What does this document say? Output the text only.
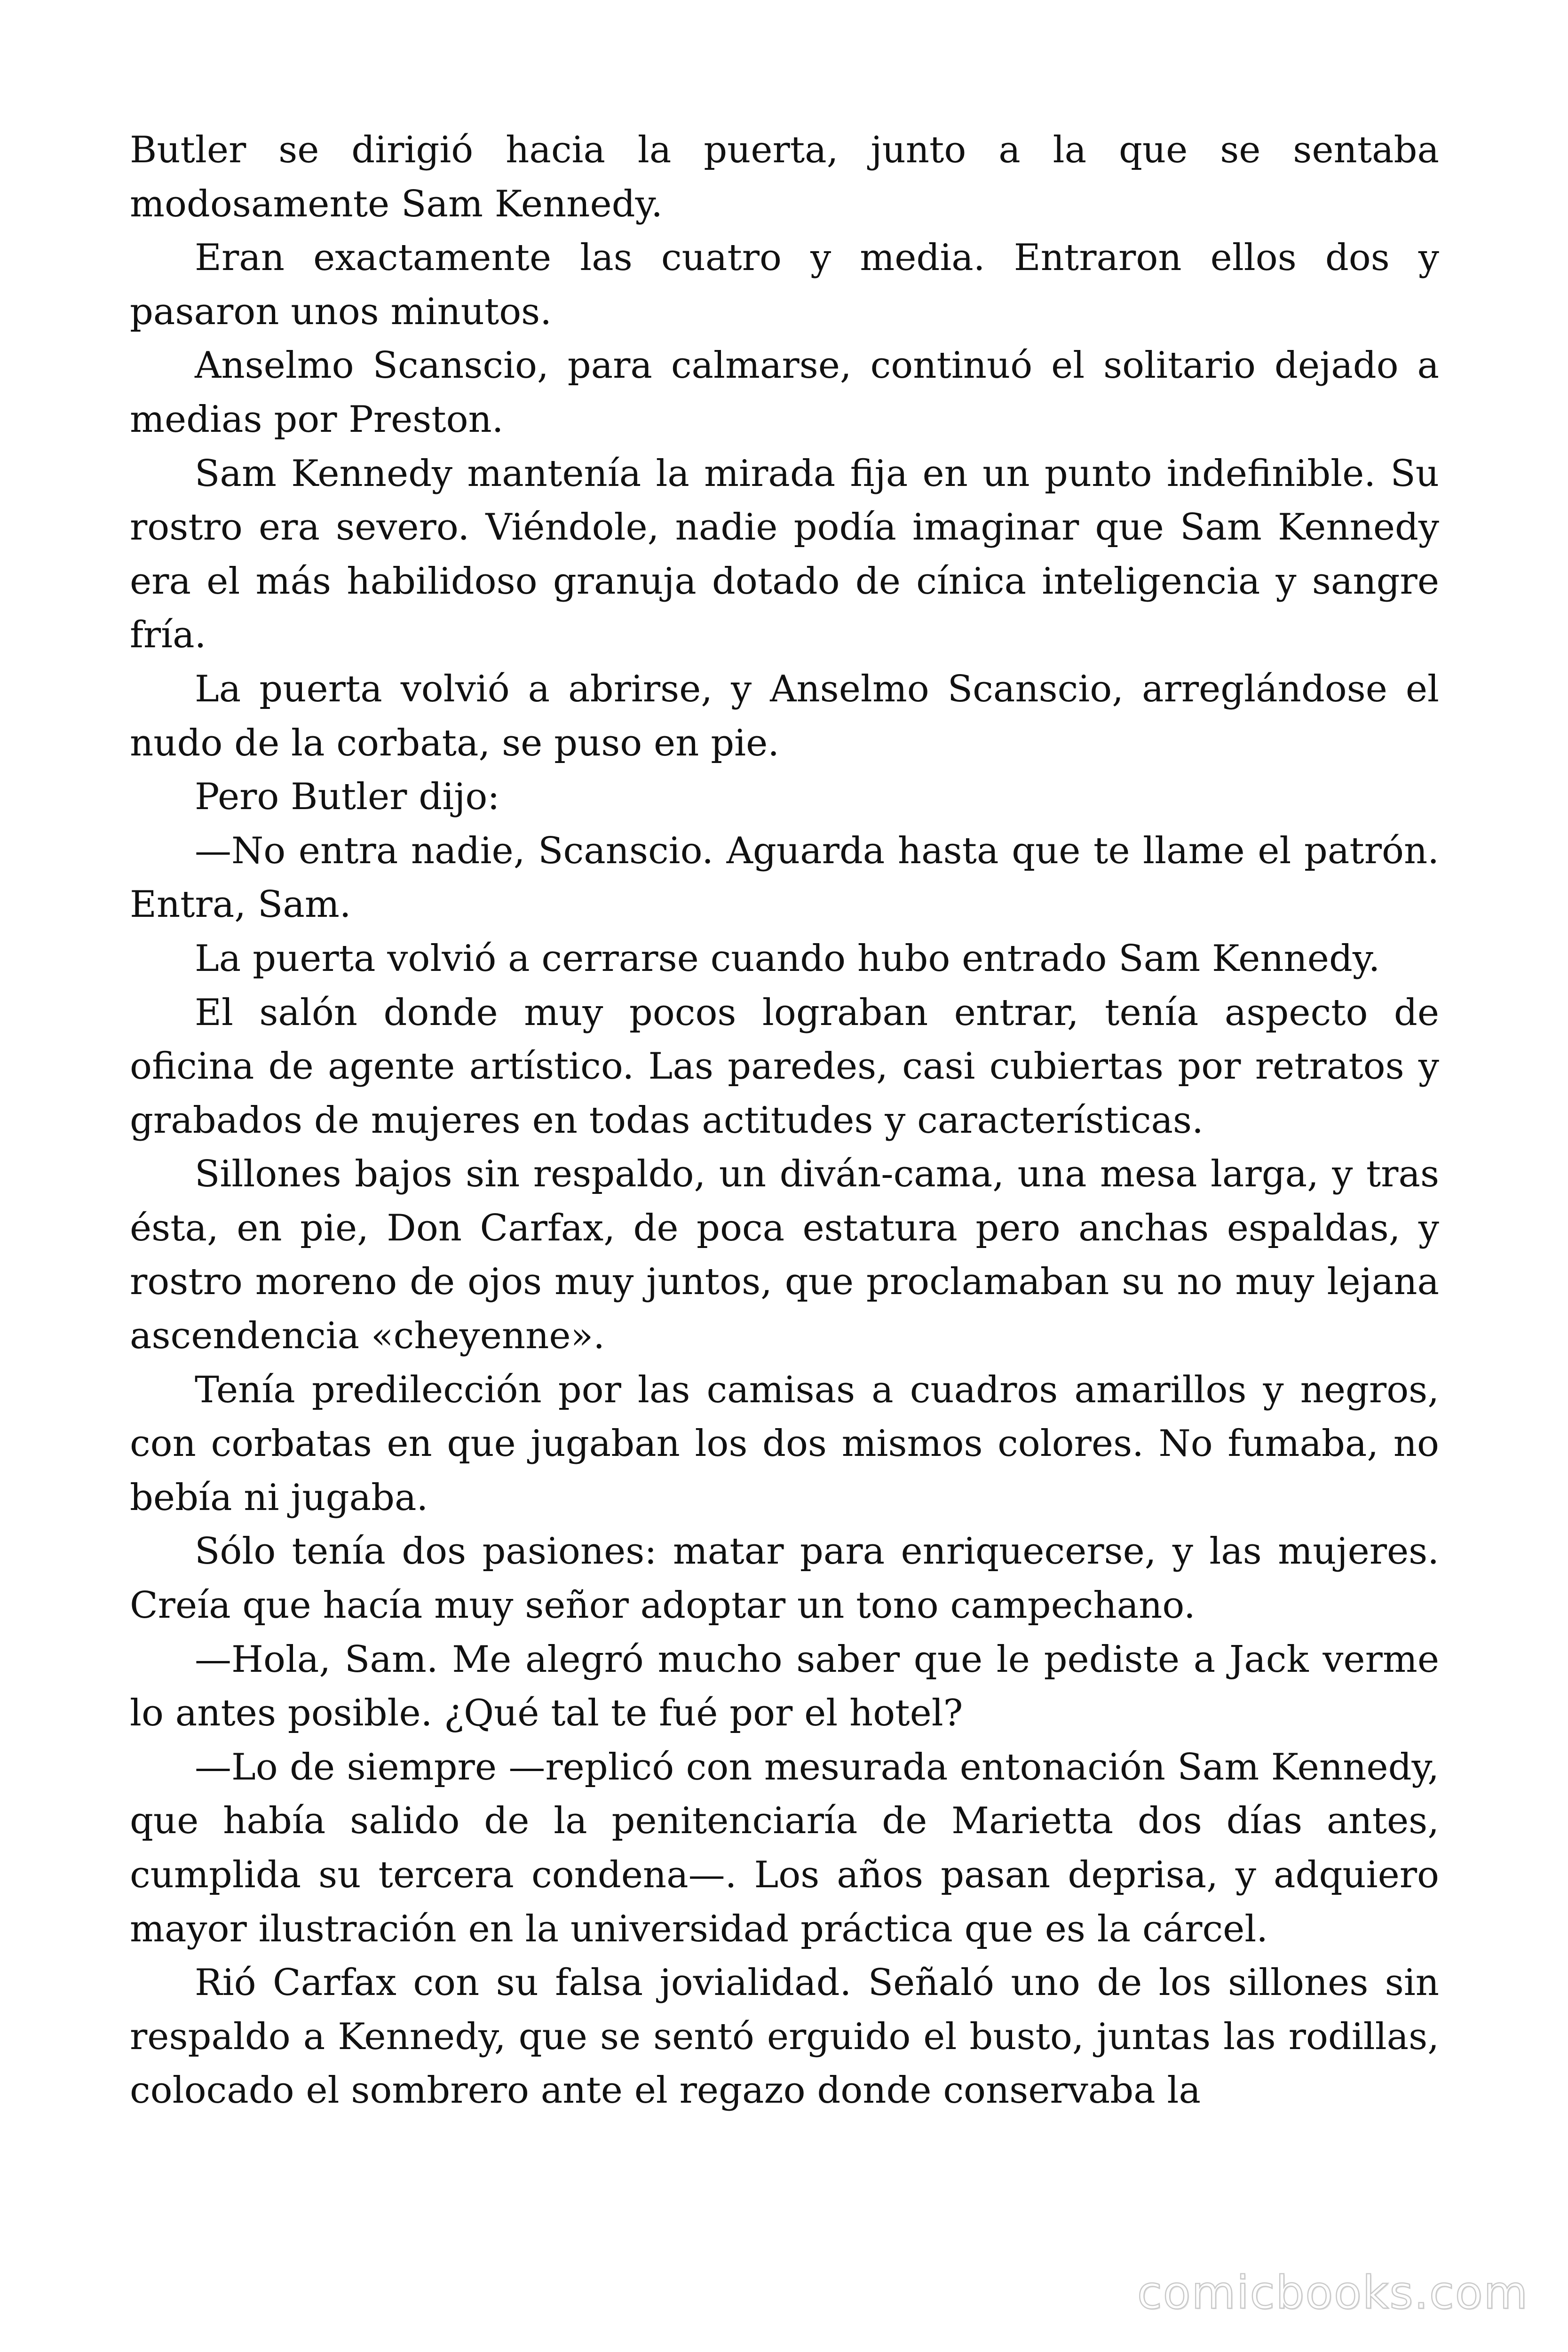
Butler se dirigió hacia la puerta, junto a la que se sentaba modosamente Sam Kennedy.

Eran exactamente las cuatro y media. Entraron ellos dos y pasaron unos minutos.

Anselmo Scanscio, para calmarse, continuó el solitario dejado a medias por Preston.

Sam Kennedy mantenía la mirada fija en un punto indefinible. Su rostro era severo. Viéndole, nadie podía imaginar que Sam Kennedy era el más habilidoso granuja dotado de cínica inteligencia y sangre fría.

La puerta volvió a abrirse, y Anselmo Scanscio, arreglándose el nudo de la corbata, se puso en pie.

Pero Butler dijo:

—No entra nadie, Scanscio. Aguarda hasta que te llame el patrón. Entra, Sam.

La puerta volvió a cerrarse cuando hubo entrado Sam Kennedy.

El salón donde muy pocos lograban entrar, tenía aspecto de oficina de agente artístico. Las paredes, casi cubiertas por retratos y grabados de mujeres en todas actitudes y características.

Sillones bajos sin respaldo, un diván-cama, una mesa larga, y tras ésta, en pie, Don Carfax, de poca estatura pero anchas espaldas, y rostro moreno de ojos muy juntos, que proclamaban su no muy lejana ascendencia «cheyenne».

Tenía predilección por las camisas a cuadros amarillos y negros, con corbatas en que jugaban los dos mismos colores. No fumaba, no bebía ni jugaba.

Sólo tenía dos pasiones: matar para enriquecerse, y las mujeres. Creía que hacía muy señor adoptar un tono campechano.

—Hola, Sam. Me alegró mucho saber que le pediste a Jack verme lo antes posible. ¿Qué tal te fué por el hotel?

—Lo de siempre —replicó con mesurada entonación Sam Kennedy, que había salido de la penitenciaría de Marietta dos días antes, cumplida su tercera condena—. Los años pasan deprisa, y adquiero mayor ilustración en la universidad práctica que es la cárcel.

Rió Carfax con su falsa jovialidad. Señaló uno de los sillones sin respaldo a Kennedy, que se sentó erguido el busto, juntas las rodillas, colocado el sombrero ante el regazo donde conservaba la

comicbooks.com
